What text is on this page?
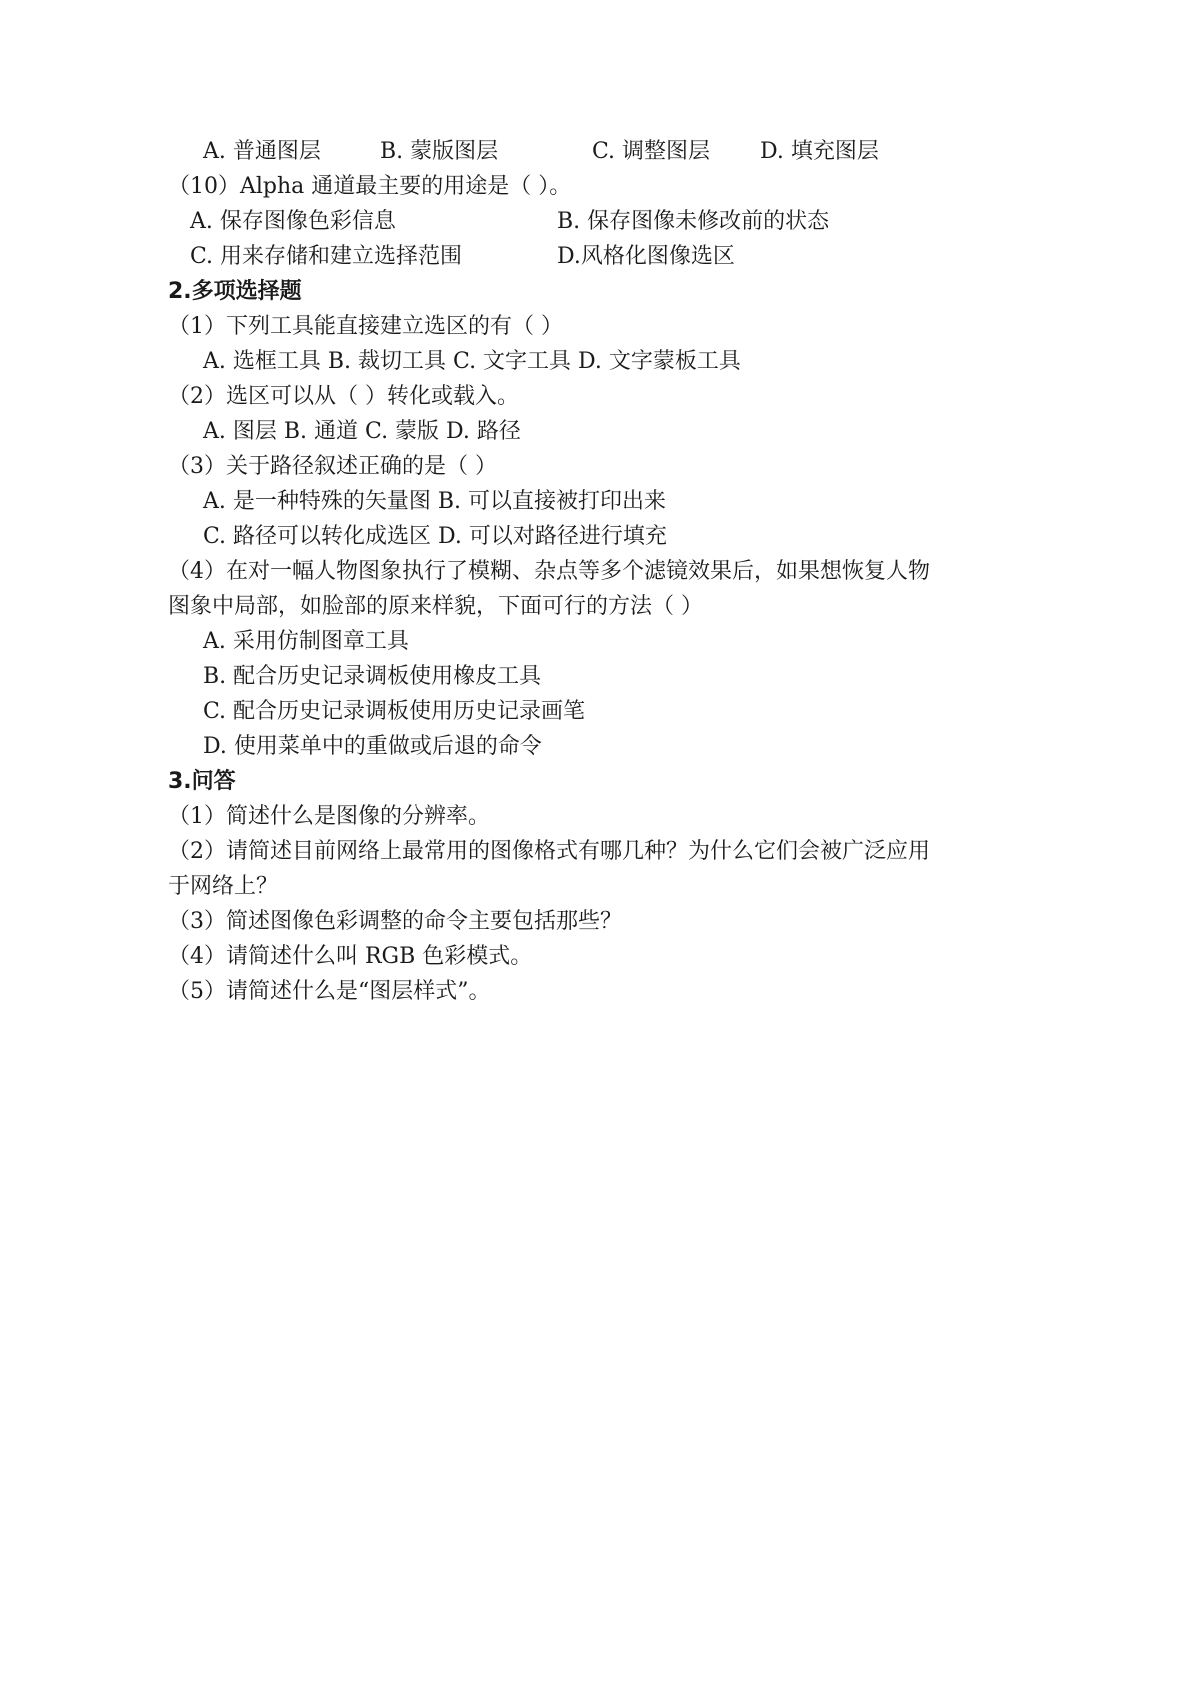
A. 普通图层	B. 蒙版图层	C. 调整图层 D. 填充图层
（10）Alpha 通道最主要的用途是（ ）。
A. 保存图像色彩信息	B. 保存图像未修改前的状态
C. 用来存储和建立选择范围	D.风格化图像选区
2.多项选择题
（1）下列工具能直接建立选区的有（ ）
A. 选框工具 B. 裁切工具 C. 文字工具 D. 文字蒙板工具
（2）选区可以从（ ）转化或载入。
A. 图层 B. 通道 C. 蒙版 D. 路径
（3）关于路径叙述正确的是（ ）
A. 是一种特殊的矢量图 B. 可以直接被打印出来
C. 路径可以转化成选区 D. 可以对路径进行填充
（4）在对一幅人物图象执行了模糊、杂点等多个滤镜效果后，如果想恢复人物
图象中局部，如脸部的原来样貌，下面可行的方法（ ）
A. 采用仿制图章工具
B. 配合历史记录调板使用橡皮工具
C. 配合历史记录调板使用历史记录画笔
D. 使用菜单中的重做或后退的命令
3.问答
（1）简述什么是图像的分辨率。
（2）请简述目前网络上最常用的图像格式有哪几种？为什么它们会被广泛应用
于网络上？
（3）简述图像色彩调整的命令主要包括那些？
（4）请简述什么叫 RGB 色彩模式。
（5）请简述什么是“图层样式”。
